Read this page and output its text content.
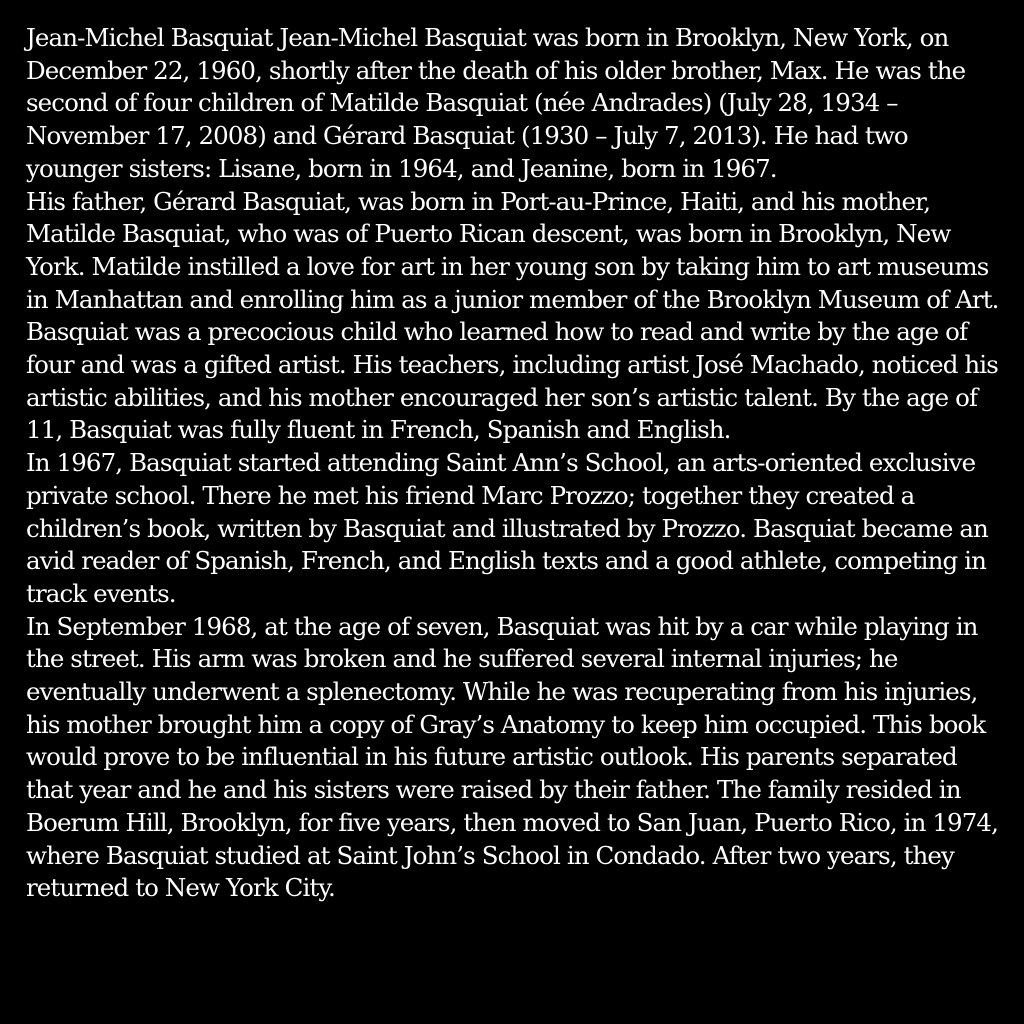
Jean-Michel Basquiat Jean-Michel Basquiat was born in Brooklyn, New York, on December 22, 1960, shortly after the death of his older brother, Max. He was the second of four children of Matilde Basquiat (née Andrades) (July 28, 1934 – November 17, 2008) and Gérard Basquiat (1930 – July 7, 2013). He had two younger sisters: Lisane, born in 1964, and Jeanine, born in 1967.

His father, Gérard Basquiat, was born in Port-au-Prince, Haiti, and his mother, Matilde Basquiat, who was of Puerto Rican descent, was born in Brooklyn, New York. Matilde instilled a love for art in her young son by taking him to art museums in Manhattan and enrolling him as a junior member of the Brooklyn Museum of Art. Basquiat was a precocious child who learned how to read and write by the age of four and was a gifted artist. His teachers, including artist José Machado, noticed his artistic abilities, and his mother encouraged her son’s artistic talent. By the age of 11, Basquiat was fully fluent in French, Spanish and English.

In 1967, Basquiat started attending Saint Ann’s School, an arts-oriented exclusive private school. There he met his friend Marc Prozzo; together they created a children’s book, written by Basquiat and illustrated by Prozzo. Basquiat became an avid reader of Spanish, French, and English texts and a good athlete, competing in track events.

In September 1968, at the age of seven, Basquiat was hit by a car while playing in the street. His arm was broken and he suffered several internal injuries; he eventually underwent a splenectomy. While he was recuperating from his injuries, his mother brought him a copy of Gray’s Anatomy to keep him occupied. This book would prove to be influential in his future artistic outlook. His parents separated that year and he and his sisters were raised by their father. The family resided in Boerum Hill, Brooklyn, for five years, then moved to San Juan, Puerto Rico, in 1974, where Basquiat studied at Saint John’s School in Condado. After two years, they returned to New York City.
